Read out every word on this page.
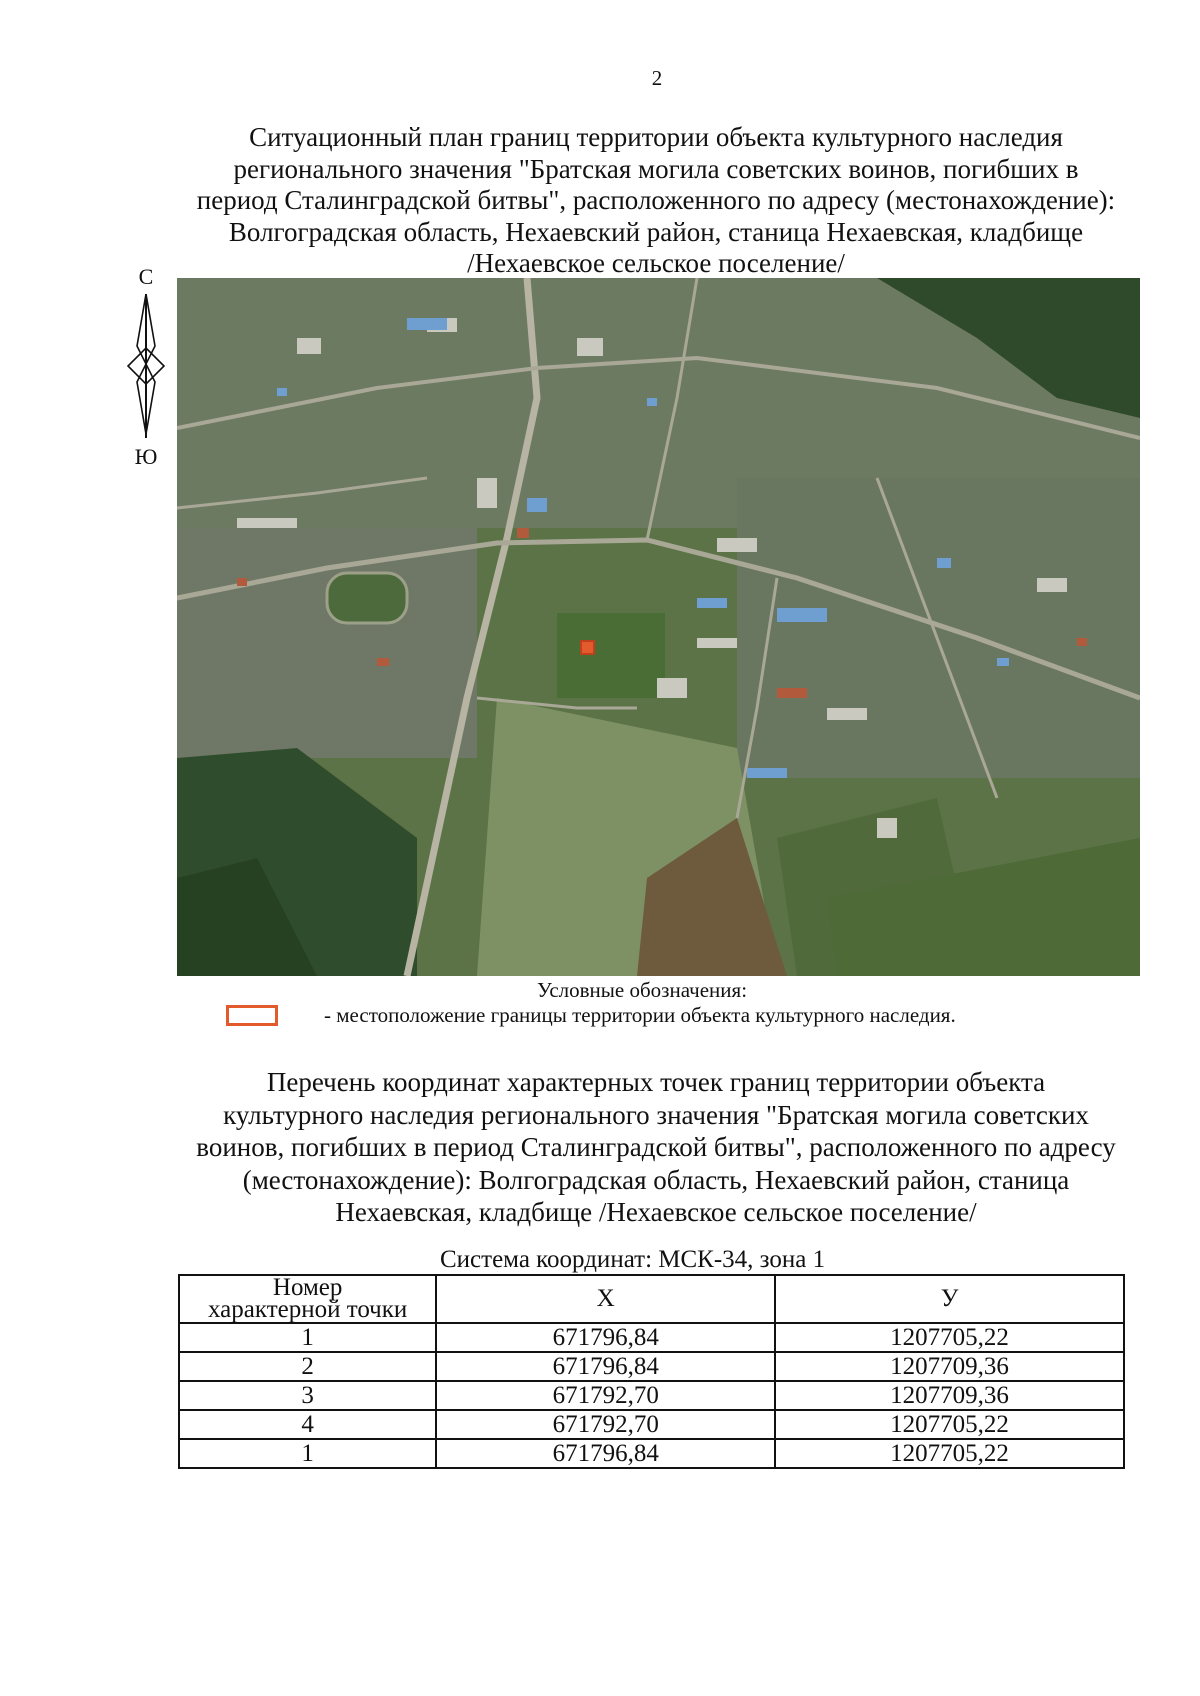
2
Ситуационный план границ территории объекта культурного наследия
регионального значения "Братская могила советских воинов, погибших в
период Сталинградской битвы", расположенного по адресу (местонахождение):
Волгоградская область, Нехаевский район, станица Нехаевская, кладбище
/Нехаевское сельское поселение/
С
Ю
Условные обозначения:
- местоположение границы территории объекта культурного наследия.
Перечень координат характерных точек границ территории объекта
культурного наследия регионального значения "Братская могила советских
воинов, погибших в период Сталинградской битвы", расположенного по адресу
(местонахождение): Волгоградская область, Нехаевский район, станица
Нехаевская, кладбище /Нехаевское сельское поселение/
Система координат: МСК-34, зона 1
Номер
характерной точки	Х	У
1	671796,84	1207705,22
2	671796,84	1207709,36
3	671792,70	1207709,36
4	671792,70	1207705,22
1	671796,84	1207705,22
